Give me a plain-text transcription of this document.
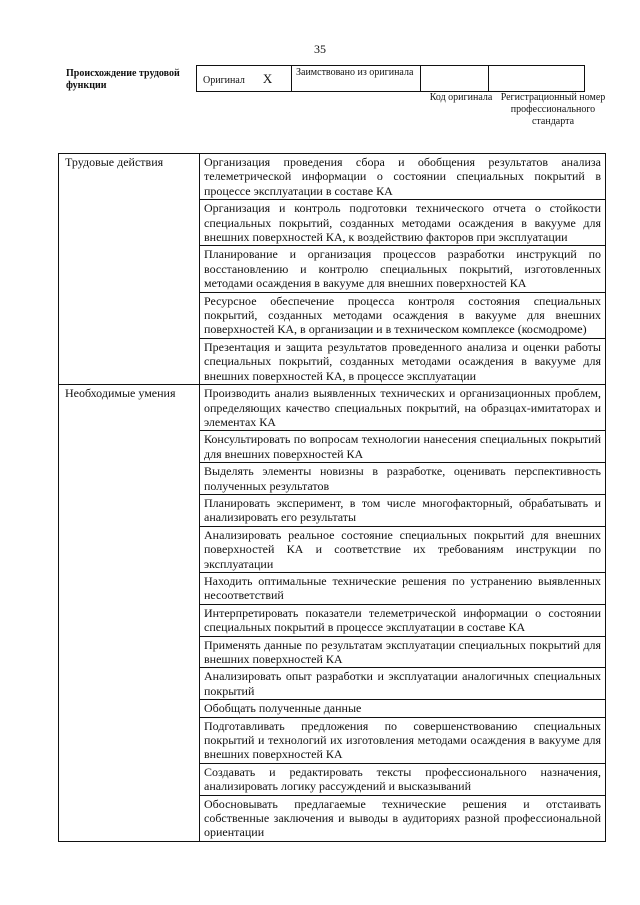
35
Происхождение трудовой функции	Оригинал X	Заимствовано из оригинала		
Код оригинала Регистрационный номер профессионального стандарта
Трудовые действия	Организация проведения сбора и обобщения результатов анализа телеметрической информации о состоянии специальных покрытий в процессе эксплуатации в составе КА
	Организация и контроль подготовки технического отчета о стойкости специальных покрытий, созданных методами осаждения в вакууме для внешних поверхностей КА, к воздействию факторов при эксплуатации
	Планирование и организация процессов разработки инструкций по восстановлению и контролю специальных покрытий, изготовленных методами осаждения в вакууме для внешних поверхностей КА
	Ресурсное обеспечение процесса контроля состояния специальных покрытий, созданных методами осаждения в вакууме для внешних поверхностей КА, в организации и в техническом комплексе (космодроме)
	Презентация и защита результатов проведенного анализа и оценки работы специальных покрытий, созданных методами осаждения в вакууме для внешних поверхностей КА, в процессе эксплуатации
Необходимые умения	Производить анализ выявленных технических и организационных проблем, определяющих качество специальных покрытий, на образцах-имитаторах и элементах КА
	Консультировать по вопросам технологии нанесения специальных покрытий для внешних поверхностей КА
	Выделять элементы новизны в разработке, оценивать перспективность полученных результатов
	Планировать эксперимент, в том числе многофакторный, обрабатывать и анализировать его результаты
	Анализировать реальное состояние специальных покрытий для внешних поверхностей КА и соответствие их требованиям инструкции по эксплуатации
	Находить оптимальные технические решения по устранению выявленных несоответствий
	Интерпретировать показатели телеметрической информации о состоянии специальных покрытий в процессе эксплуатации в составе КА
	Применять данные по результатам эксплуатации специальных покрытий для внешних поверхностей КА
	Анализировать опыт разработки и эксплуатации аналогичных специальных покрытий
	Обобщать полученные данные
	Подготавливать предложения по совершенствованию специальных покрытий и технологий их изготовления методами осаждения в вакууме для внешних поверхностей КА
	Создавать и редактировать тексты профессионального назначения, анализировать логику рассуждений и высказываний
	Обосновывать предлагаемые технические решения и отстаивать собственные заключения и выводы в аудиториях разной профессиональной ориентации
